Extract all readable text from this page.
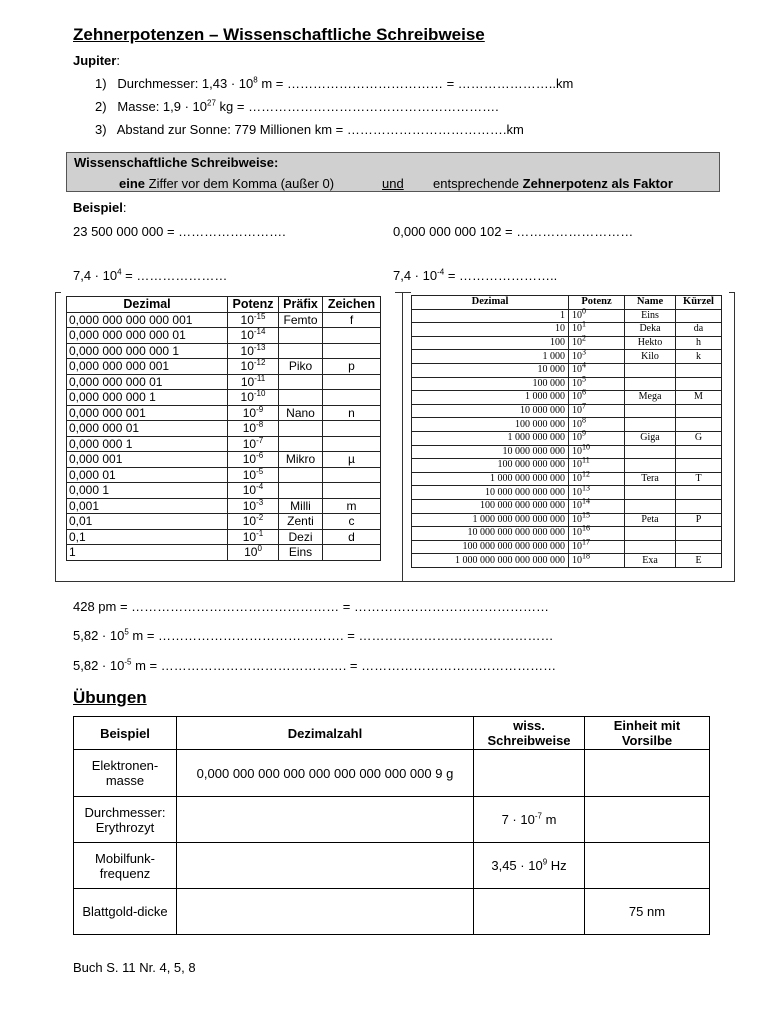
Zehnerpotenzen – Wissenschaftliche Schreibweise
Jupiter:
1) Durchmesser: $1,43 \cdot 10^8$ m = ……………………………… = …………………..km
2) Masse: $1,9 \cdot 10^{27}$ kg = ………………………………………………….
3) Abstand zur Sonne: 779 Millionen km = ……………………………….km
Wissenschaftliche Schreibweise:
eine Ziffer vor dem Komma (außer 0)	und entsprechende Zehnerpotenz als Faktor
Beispiel:
23 500 000 000 = …………………….	0,000 000 000 102 = ………………………
$7,4 \cdot 10^4$ = …………………	$7,4 \cdot 10^{-4}$ = …………………..
Dezimal	Potenz	Präfix	Zeichen
0,000 000 000 000 001	$10^{-15}$	Femto	f
0,000 000 000 000 01	$10^{-14}$		
0,000 000 000 000 1	$10^{-13}$		
0,000 000 000 001	$10^{-12}$	Piko	p
0,000 000 000 01	$10^{-11}$		
0,000 000 000 1	$10^{-10}$		
0,000 000 001	$10^{-9}$	Nano	n
0,000 000 01	$10^{-8}$		
0,000 000 1	$10^{-7}$		
0,000 001	$10^{-6}$	Mikro	µ
0,000 01	$10^{-5}$		
0,000 1	$10^{-4}$		
0,001	$10^{-3}$	Milli	m
0,01	$10^{-2}$	Zenti	c
0,1	$10^{-1}$	Dezi	d
1	$10^0$	Eins	
Dezimal	Potenz	Name	Kürzel
1	$10^0$	Eins	
10	$10^1$	Deka	da
100	$10^2$	Hekto	h
1 000	$10^3$	Kilo	k
10 000	$10^4$		
100 000	$10^5$		
1 000 000	$10^6$	Mega	M
10 000 000	$10^7$		
100 000 000	$10^8$		
1 000 000 000	$10^9$	Giga	G
10 000 000 000	$10^{10}$		
100 000 000 000	$10^{11}$		
1 000 000 000 000	$10^{12}$	Tera	T
10 000 000 000 000	$10^{13}$		
100 000 000 000 000	$10^{14}$		
1 000 000 000 000 000	$10^{15}$	Peta	P
10 000 000 000 000 000	$10^{16}$		
100 000 000 000 000 000	$10^{17}$		
1 000 000 000 000 000 000	$10^{18}$	Exa	E
428 pm = ………………………………………… = ………………………………………
$5,82 \cdot 10^5$ m = ……………………………………. = ………………………………………
$5,82 \cdot 10^{-5}$ m = ……………………………………. = ………………………………………
Übungen
Beispiel	Dezimalzahl	wiss. Schreibweise	Einheit mit Vorsilbe
Elektronen-masse	0,000 000 000 000 000 000 000 000 000 9 g		
Durchmesser: Erythrozyt		$7 \cdot 10^{-7}$ m	
Mobilfunk-frequenz		$3,45 \cdot 10^9$ Hz	
Blattgold-dicke			75 nm
Buch S. 11 Nr. 4, 5, 8
